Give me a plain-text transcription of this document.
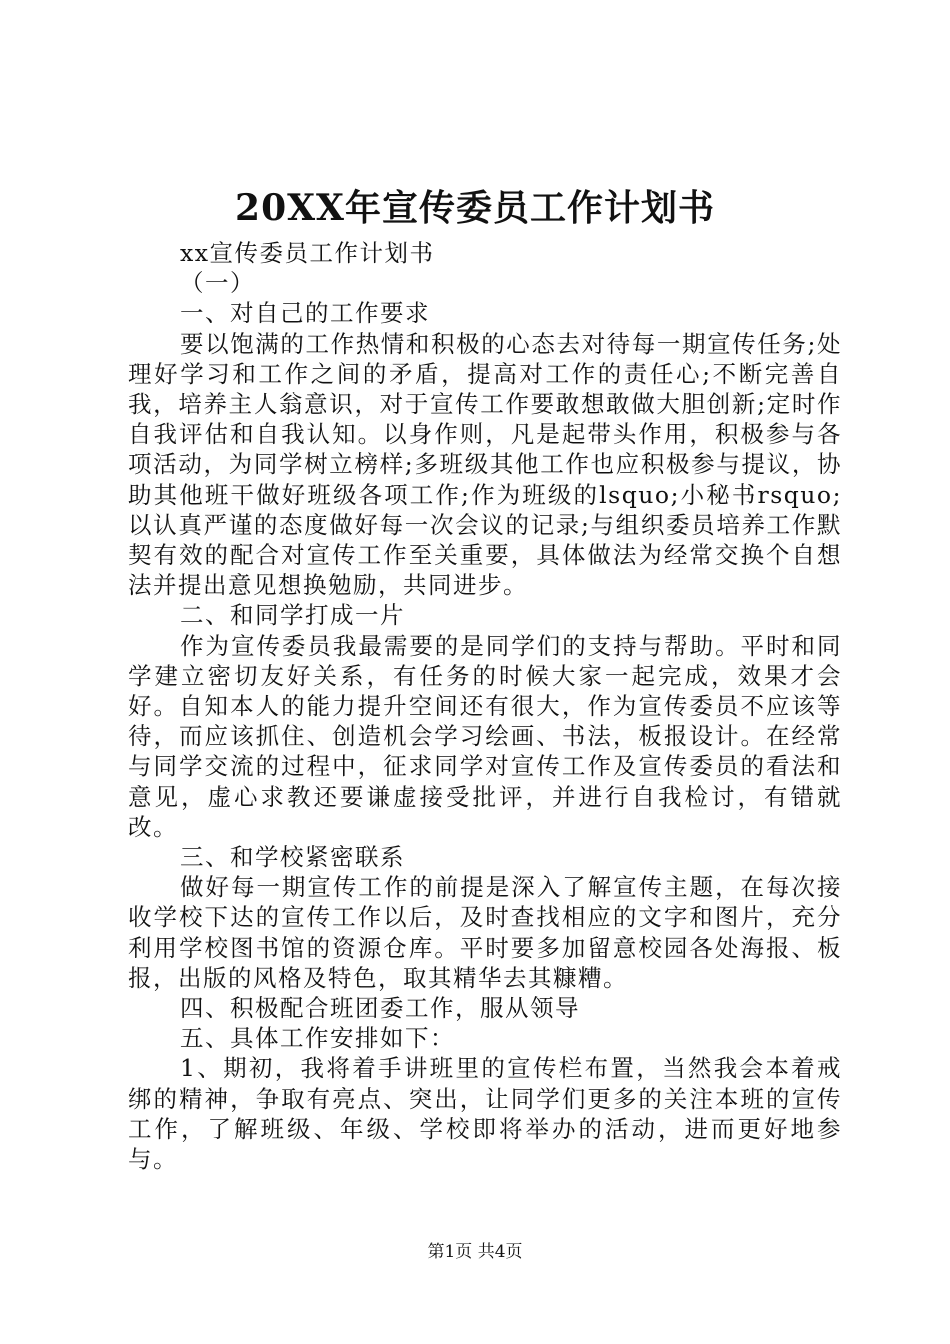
20XX年宣传委员工作计划书

xx宣传委员工作计划书

（一）

一、对自己的工作要求

要以饱满的工作热情和积极的心态去对待每一期宣传任务;处理好学习和工作之间的矛盾，提高对工作的责任心;不断完善自我，培养主人翁意识，对于宣传工作要敢想敢做大胆创新;定时作自我评估和自我认知。以身作则，凡是起带头作用，积极参与各项活动，为同学树立榜样;多班级其他工作也应积极参与提议，协助其他班干做好班级各项工作;作为班级的lsquo;小秘书rsquo;以认真严谨的态度做好每一次会议的记录;与组织委员培养工作默契有效的配合对宣传工作至关重要，具体做法为经常交换个自想法并提出意见想换勉励，共同进步。

二、和同学打成一片

作为宣传委员我最需要的是同学们的支持与帮助。平时和同学建立密切友好关系，有任务的时候大家一起完成，效果才会好。自知本人的能力提升空间还有很大，作为宣传委员不应该等待，而应该抓住、创造机会学习绘画、书法，板报设计。在经常与同学交流的过程中，征求同学对宣传工作及宣传委员的看法和意见，虚心求教还要谦虚接受批评，并进行自我检讨，有错就改。

三、和学校紧密联系

做好每一期宣传工作的前提是深入了解宣传主题，在每次接收学校下达的宣传工作以后，及时查找相应的文字和图片，充分利用学校图书馆的资源仓库。平时要多加留意校园各处海报、板报，出版的风格及特色，取其精华去其糠糟。

四、积极配合班团委工作，服从领导

五、具体工作安排如下：

1、期初，我将着手讲班里的宣传栏布置，当然我会本着戒绑的精神，争取有亮点、突出，让同学们更多的关注本班的宣传工作，了解班级、年级、学校即将举办的活动，进而更好地参与。

第1页 共4页
